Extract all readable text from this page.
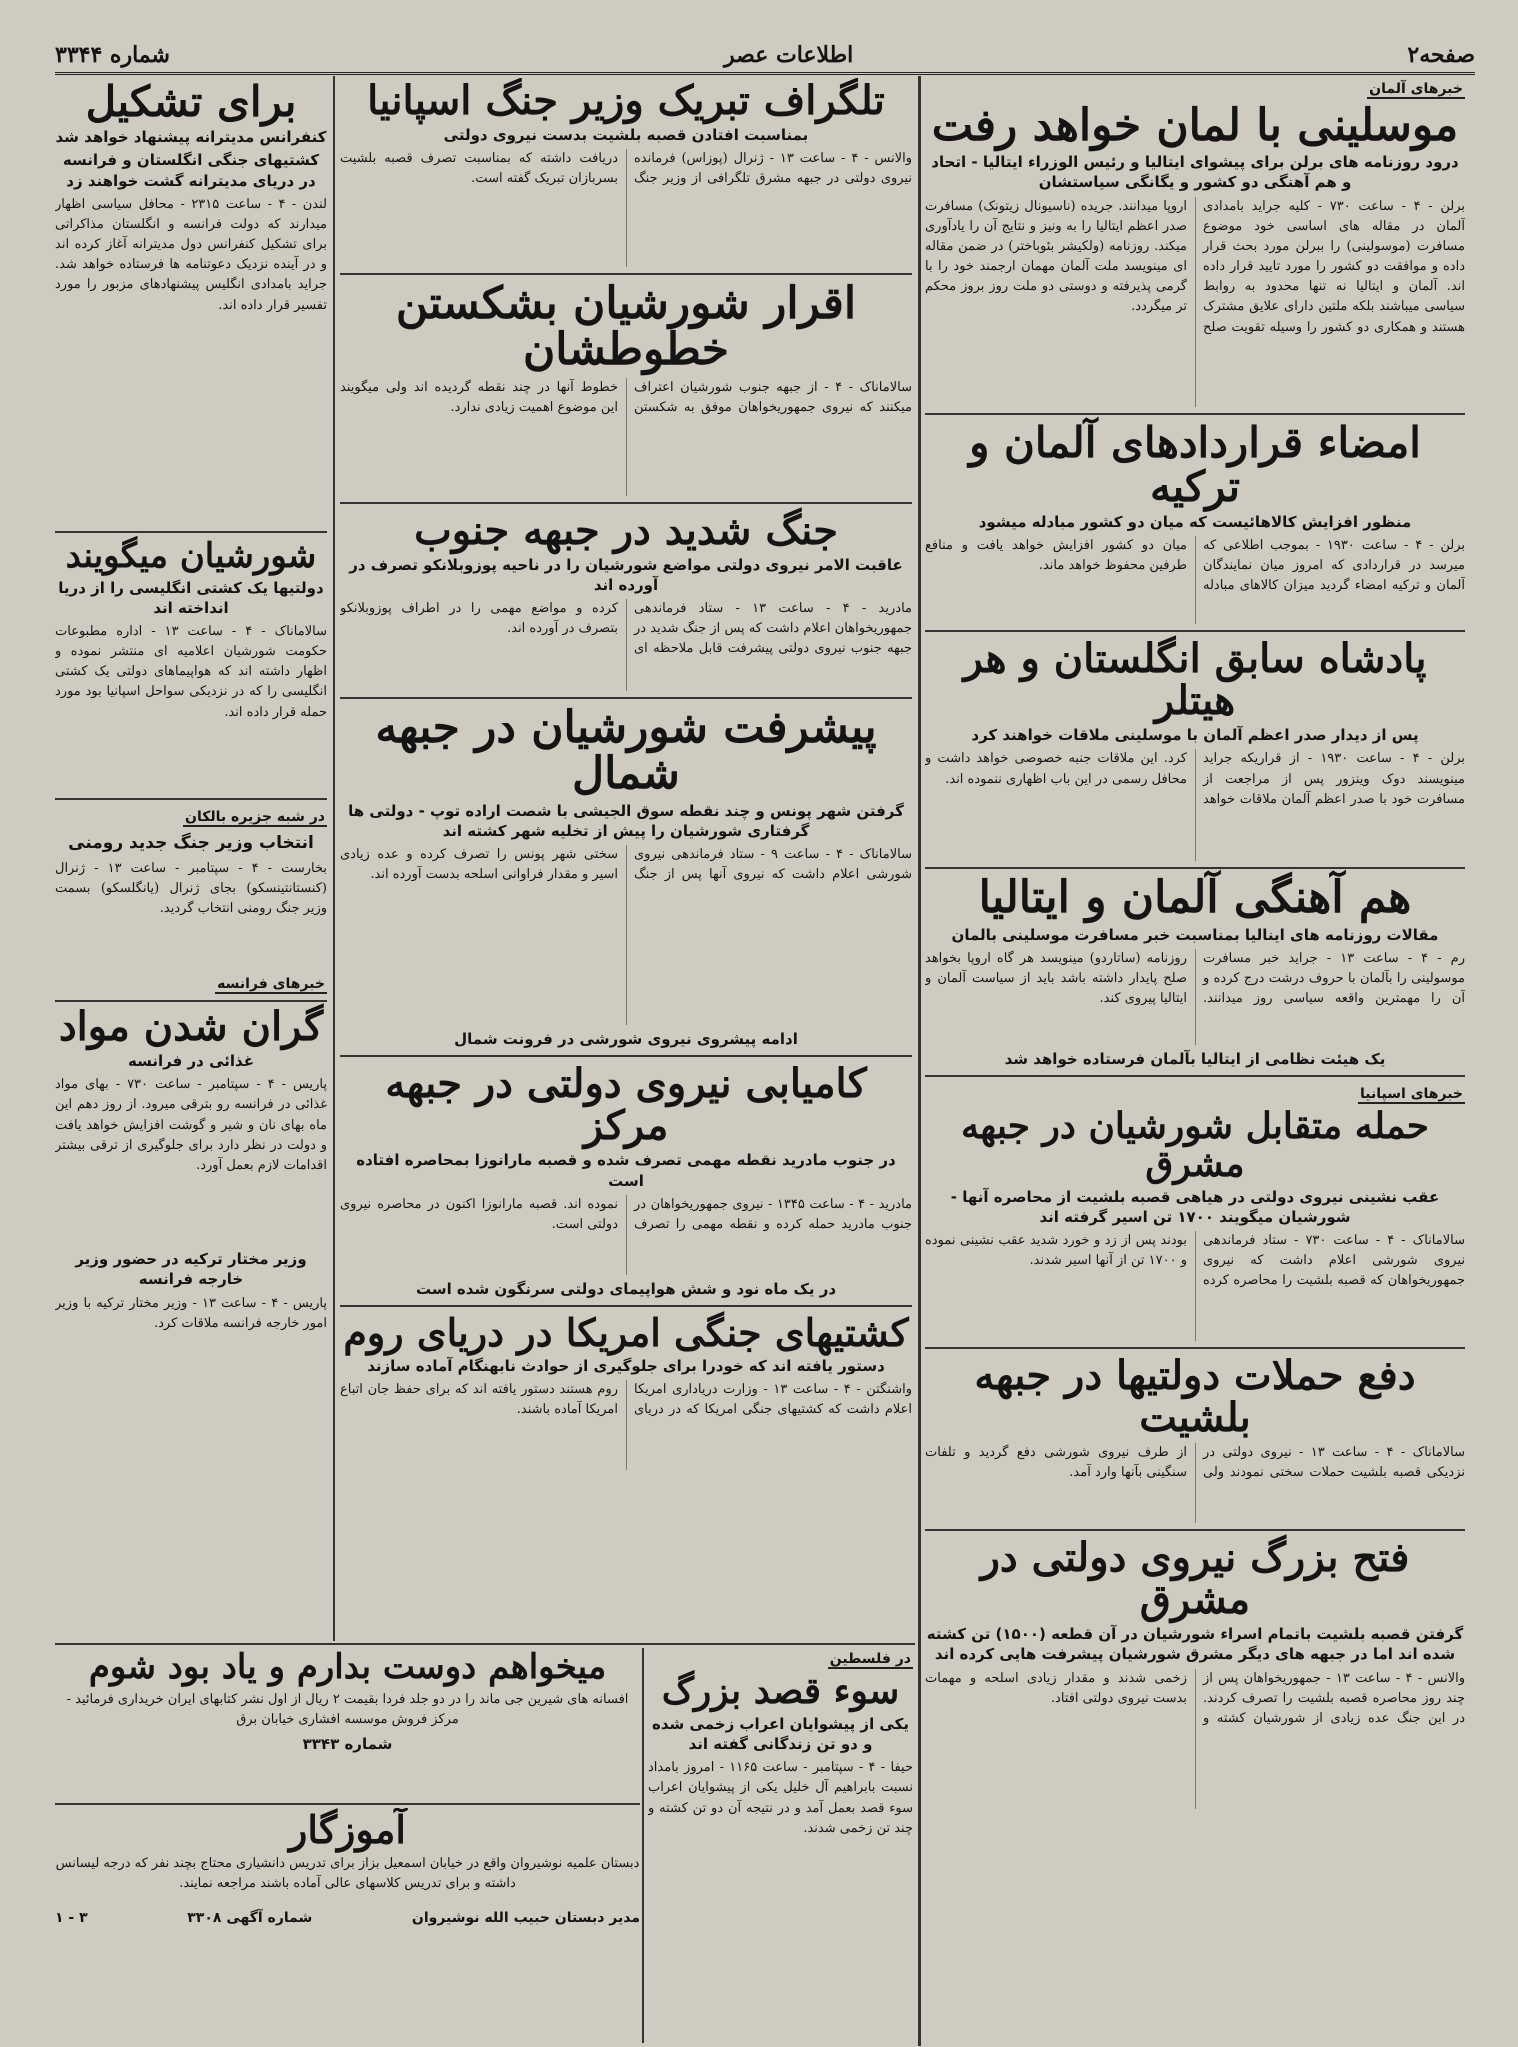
صفحه۲
اطلاعات عصر
شماره ۳۳۴۴
خبرهای آلمان
موسلینی با لمان خواهد رفت
درود روزنامه های برلن برای پیشوای ایتالیا و رئیس الوزراء ایتالیا - اتحاد و هم آهنگی دو کشور و یگانگی سیاستشان
برلن - ۴ - ساعت ۷۳۰ - کلیه جراید بامدادی آلمان در مقاله های اساسی خود موضوع مسافرت (موسولینی) را ببرلن مورد بحث قرار داده و موافقت دو کشور را مورد تایید قرار داده اند. آلمان و ایتالیا نه تنها محدود به روابط سیاسی میباشند بلکه ملتین دارای علایق مشترک هستند و همکاری دو کشور را وسیله تقویت صلح اروپا میدانند. جریده (ناسیونال زیتونک) مسافرت صدر اعظم ایتالیا را به ونیز و نتایج آن را یادآوری میکند. روزنامه (ولکیشر بئوباختر) در ضمن مقاله ای مینویسد ملت آلمان مهمان ارجمند خود را با گرمی پذیرفته و دوستی دو ملت روز بروز محکم تر میگردد.
امضاء قراردادهای آلمان و ترکیه
منظور افزایش کالاهائیست که میان دو کشور مبادله میشود
برلن - ۴ - ساعت ۱۹۳۰ - بموجب اطلاعی که میرسد در قراردادی که امروز میان نمایندگان آلمان و ترکیه امضاء گردید میزان کالاهای مبادله میان دو کشور افزایش خواهد یافت و منافع طرفین محفوظ خواهد ماند.
پادشاه سابق انگلستان و هر هیتلر
پس از دیدار صدر اعظم آلمان با موسلینی ملاقات خواهند کرد
برلن - ۴ - ساعت ۱۹۳۰ - از قراریکه جراید مینویسند دوک وینزور پس از مراجعت از مسافرت خود با صدر اعظم آلمان ملاقات خواهد کرد. این ملاقات جنبه خصوصی خواهد داشت و محافل رسمی در این باب اظهاری ننموده اند.
هم آهنگی آلمان و ایتالیا
مقالات روزنامه های اینالیا بمناسبت خبر مسافرت موسلینی بالمان
رم - ۴ - ساعت ۱۳ - جراید خبر مسافرت موسولینی را بآلمان با حروف درشت درج کرده و آن را مهمترین واقعه سیاسی روز میدانند. روزنامه (ساتاردو) مینویسد هر گاه اروپا بخواهد صلح پایدار داشته باشد باید از سیاست آلمان و ایتالیا پیروی کند.
یک هیئت نظامی از ایتالیا بآلمان فرستاده خواهد شد
خبرهای اسپانیا
حمله متقابل شورشیان در جبهه مشرق
عقب نشینی نیروی دولتی در هیاهی قصبه بلشیت از محاصره آنها - شورشیان میگویند ۱۷۰۰ تن اسیر گرفته اند
سالاماناک - ۴ - ساعت ۷۳۰ - ستاد فرماندهی نیروی شورشی اعلام داشت که نیروی جمهوریخواهان که قصبه بلشیت را محاصره کرده بودند پس از زد و خورد شدید عقب نشینی نموده و ۱۷۰۰ تن از آنها اسیر شدند.
دفع حملات دولتیها در جبهه بلشیت
سالاماناک - ۴ - ساعت ۱۳ - نیروی دولتی در نزدیکی قصبه بلشیت حملات سختی نمودند ولی از طرف نیروی شورشی دفع گردید و تلفات سنگینی بآنها وارد آمد.
فتح بزرگ نیروی دولتی در مشرق
گرفتن قصبه بلشیت باتمام اسراء شورشیان در آن قطعه (۱۵۰۰) تن کشته شده اند اما در جبهه های دیگر مشرق شورشیان پیشرفت هایی کرده اند
والانس - ۴ - ساعت ۱۳ - جمهوریخواهان پس از چند روز محاصره قصبه بلشیت را تصرف کردند. در این جنگ عده زیادی از شورشیان کشته و زخمی شدند و مقدار زیادی اسلحه و مهمات بدست نیروی دولتی افتاد.
تلگراف تبریک وزیر جنگ اسپانیا
بمناسبت افتادن قصبه بلشیت بدست نیروی دولتی
والانس - ۴ - ساعت ۱۳ - ژنرال (پوزاس) فرمانده نیروی دولتی در جبهه مشرق تلگرافی از وزیر جنگ دریافت داشته که بمناسبت تصرف قصبه بلشیت بسربازان تبریک گفته است.
اقرار شورشیان بشکستن خطوطشان
سالاماناک - ۴ - از جبهه جنوب شورشیان اعتراف میکنند که نیروی جمهوریخواهان موفق به شکستن خطوط آنها در چند نقطه گردیده اند ولی میگویند این موضوع اهمیت زیادی ندارد.
جنگ شدید در جبهه جنوب
عاقبت الامر نیروی دولتی مواضع شورشیان را در ناحیه پوزوبلانکو تصرف در آورده اند
مادرید - ۴ - ساعت ۱۳ - ستاد فرماندهی جمهوریخواهان اعلام داشت که پس از جنگ شدید در جبهه جنوب نیروی دولتی پیشرفت قابل ملاحظه ای کرده و مواضع مهمی را در اطراف پوزوبلانکو بتصرف در آورده اند.
پیشرفت شورشیان در جبهه شمال
گرفتن شهر پونس و چند نقطه سوق الجیشی با شصت اراده توپ - دولتی ها گرفتاری شورشیان را پیش از تخلیه شهر کشته اند
سالاماناک - ۴ - ساعت ۹ - ستاد فرماندهی نیروی شورشی اعلام داشت که نیروی آنها پس از جنگ سختی شهر پونس را تصرف کرده و عده زیادی اسیر و مقدار فراوانی اسلحه بدست آورده اند.
ادامه پیشروی نیروی شورشی در فرونت شمال
کامیابی نیروی دولتی در جبهه مرکز
در جنوب مادرید نقطه مهمی تصرف شده و قصبه مارانوزا بمحاصره افتاده است
مادرید - ۴ - ساعت ۱۳۴۵ - نیروی جمهوریخواهان در جنوب مادرید حمله کرده و نقطه مهمی را تصرف نموده اند. قصبه مارانوزا اکنون در محاصره نیروی دولتی است.
در یک ماه نود و شش هواپیمای دولتی سرنگون شده است
کشتیهای جنگی امریکا در دریای روم
دستور یافته اند که خودرا برای جلوگیری از حوادث نابهنگام آماده سازند
واشنگتن - ۴ - ساعت ۱۳ - وزارت دریاداری امریکا اعلام داشت که کشتیهای جنگی امریکا که در دریای روم هستند دستور یافته اند که برای حفظ جان اتباع امریکا آماده باشند.
برای تشکیل
کنفرانس مدیترانه پیشنهاد خواهد شد
کشتیهای جنگی انگلستان و فرانسه در دریای مدیترانه گشت خواهند زد
لندن - ۴ - ساعت ۲۳۱۵ - محافل سیاسی اظهار میدارند که دولت فرانسه و انگلستان مذاکراتی برای تشکیل کنفرانس دول مدیترانه آغاز کرده اند و در آینده نزدیک دعوتنامه ها فرستاده خواهد شد. جراید بامدادی انگلیس پیشنهادهای مزبور را مورد تفسیر قرار داده اند.
شورشیان میگویند
دولتیها یک کشتی انگلیسی را از دریا انداخته اند
سالاماناک - ۴ - ساعت ۱۳ - اداره مطبوعات حکومت شورشیان اعلامیه ای منتشر نموده و اظهار داشته اند که هواپیماهای دولتی یک کشتی انگلیسی را که در نزدیکی سواحل اسپانیا بود مورد حمله قرار داده اند.
در شبه جزیره بالکان
انتخاب وزیر جنگ جدید رومنی
بخارست - ۴ - سپتامبر - ساعت ۱۳ - ژنرال (کنستانتینسکو) بجای ژنرال (یانگلسکو) بسمت وزیر جنگ رومنی انتخاب گردید.
خبرهای فرانسه
گران شدن مواد
غذائی در فرانسه
پاریس - ۴ - سپتامبر - ساعت ۷۳۰ - بهای مواد غذائی در فرانسه رو بترقی میرود. از روز دهم این ماه بهای نان و شیر و گوشت افزایش خواهد یافت و دولت در نظر دارد برای جلوگیری از ترقی بیشتر اقدامات لازم بعمل آورد.
وزیر مختار ترکیه در حضور وزیر خارجه فرانسه
پاریس - ۴ - ساعت ۱۳ - وزیر مختار ترکیه با وزیر امور خارجه فرانسه ملاقات کرد.
میخواهم دوست بدارم و یاد بود شوم
افسانه های شیرین جی ماند را در دو جلد فردا بقیمت ۲ ریال از اول نشر کتابهای ایران خریداری فرمائید - مرکز فروش موسسه افشاری خیابان برق
شماره ۳۳۴۳
در فلسطین
سوء قصد بزرگ
یکی از پیشوایان اعراب زخمی شده و دو تن زندگانی گفته اند
حیفا - ۴ - سپتامبر - ساعت ۱۱۶۵ - امروز بامداد نسبت بابراهیم آل خلیل یکی از پیشوایان اعراب سوء قصد بعمل آمد و در نتیجه آن دو تن کشته و چند تن زخمی شدند.
آموزگار
دبستان علمیه نوشیروان واقع در خیابان اسمعیل بزاز برای تدریس دانشیاری محتاج بچند نفر که درجه لیسانس داشته و برای تدریس کلاسهای عالی آماده باشند مراجعه نمایند.
مدیر دبستان حبیب الله نوشیروان
شماره آگهی ۳۳۰۸
۳ - ۱
